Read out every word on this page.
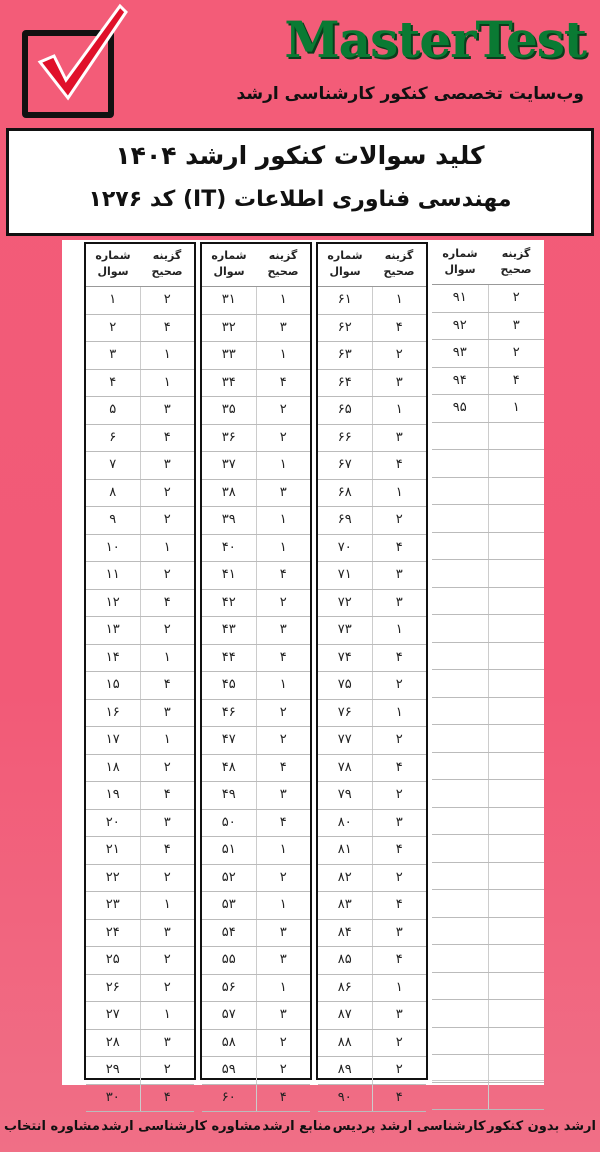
MasterTest
وب‌سایت تخصصی کنکور کارشناسی ارشد
کلید سوالات کنکور ارشد ۱۴۰۴
مهندسی فناوری اطلاعات (IT) کد ۱۲۷۶
شماره سوال
گزینه صحیح
۹۱	۲
۹۲	۳
۹۳	۲
۹۴	۴
۹۵	۱
شماره سوال
گزینه صحیح
۶۱	۱
۶۲	۴
۶۳	۲
۶۴	۳
۶۵	۱
۶۶	۳
۶۷	۴
۶۸	۱
۶۹	۲
۷۰	۴
۷۱	۳
۷۲	۳
۷۳	۱
۷۴	۴
۷۵	۲
۷۶	۱
۷۷	۲
۷۸	۴
۷۹	۲
۸۰	۳
۸۱	۴
۸۲	۲
۸۳	۴
۸۴	۳
۸۵	۴
۸۶	۱
۸۷	۳
۸۸	۲
۸۹	۲
۹۰	۴
شماره سوال
گزینه صحیح
۳۱	۱
۳۲	۳
۳۳	۱
۳۴	۴
۳۵	۲
۳۶	۲
۳۷	۱
۳۸	۳
۳۹	۱
۴۰	۱
۴۱	۴
۴۲	۲
۴۳	۳
۴۴	۴
۴۵	۱
۴۶	۲
۴۷	۲
۴۸	۴
۴۹	۳
۵۰	۴
۵۱	۱
۵۲	۲
۵۳	۱
۵۴	۳
۵۵	۳
۵۶	۱
۵۷	۳
۵۸	۲
۵۹	۲
۶۰	۴
شماره سوال
گزینه صحیح
۱	۲
۲	۴
۳	۱
۴	۱
۵	۳
۶	۴
۷	۳
۸	۲
۹	۲
۱۰	۱
۱۱	۲
۱۲	۴
۱۳	۲
۱۴	۱
۱۵	۴
۱۶	۳
۱۷	۱
۱۸	۲
۱۹	۴
۲۰	۳
۲۱	۴
۲۲	۲
۲۳	۱
۲۴	۳
۲۵	۲
۲۶	۲
۲۷	۱
۲۸	۳
۲۹	۲
۳۰	۴
ارشد بدون کنکور
کارشناسی ارشد پردیس
منابع ارشد
مشاوره کارشناسی ارشد
مشاوره انتخاب
